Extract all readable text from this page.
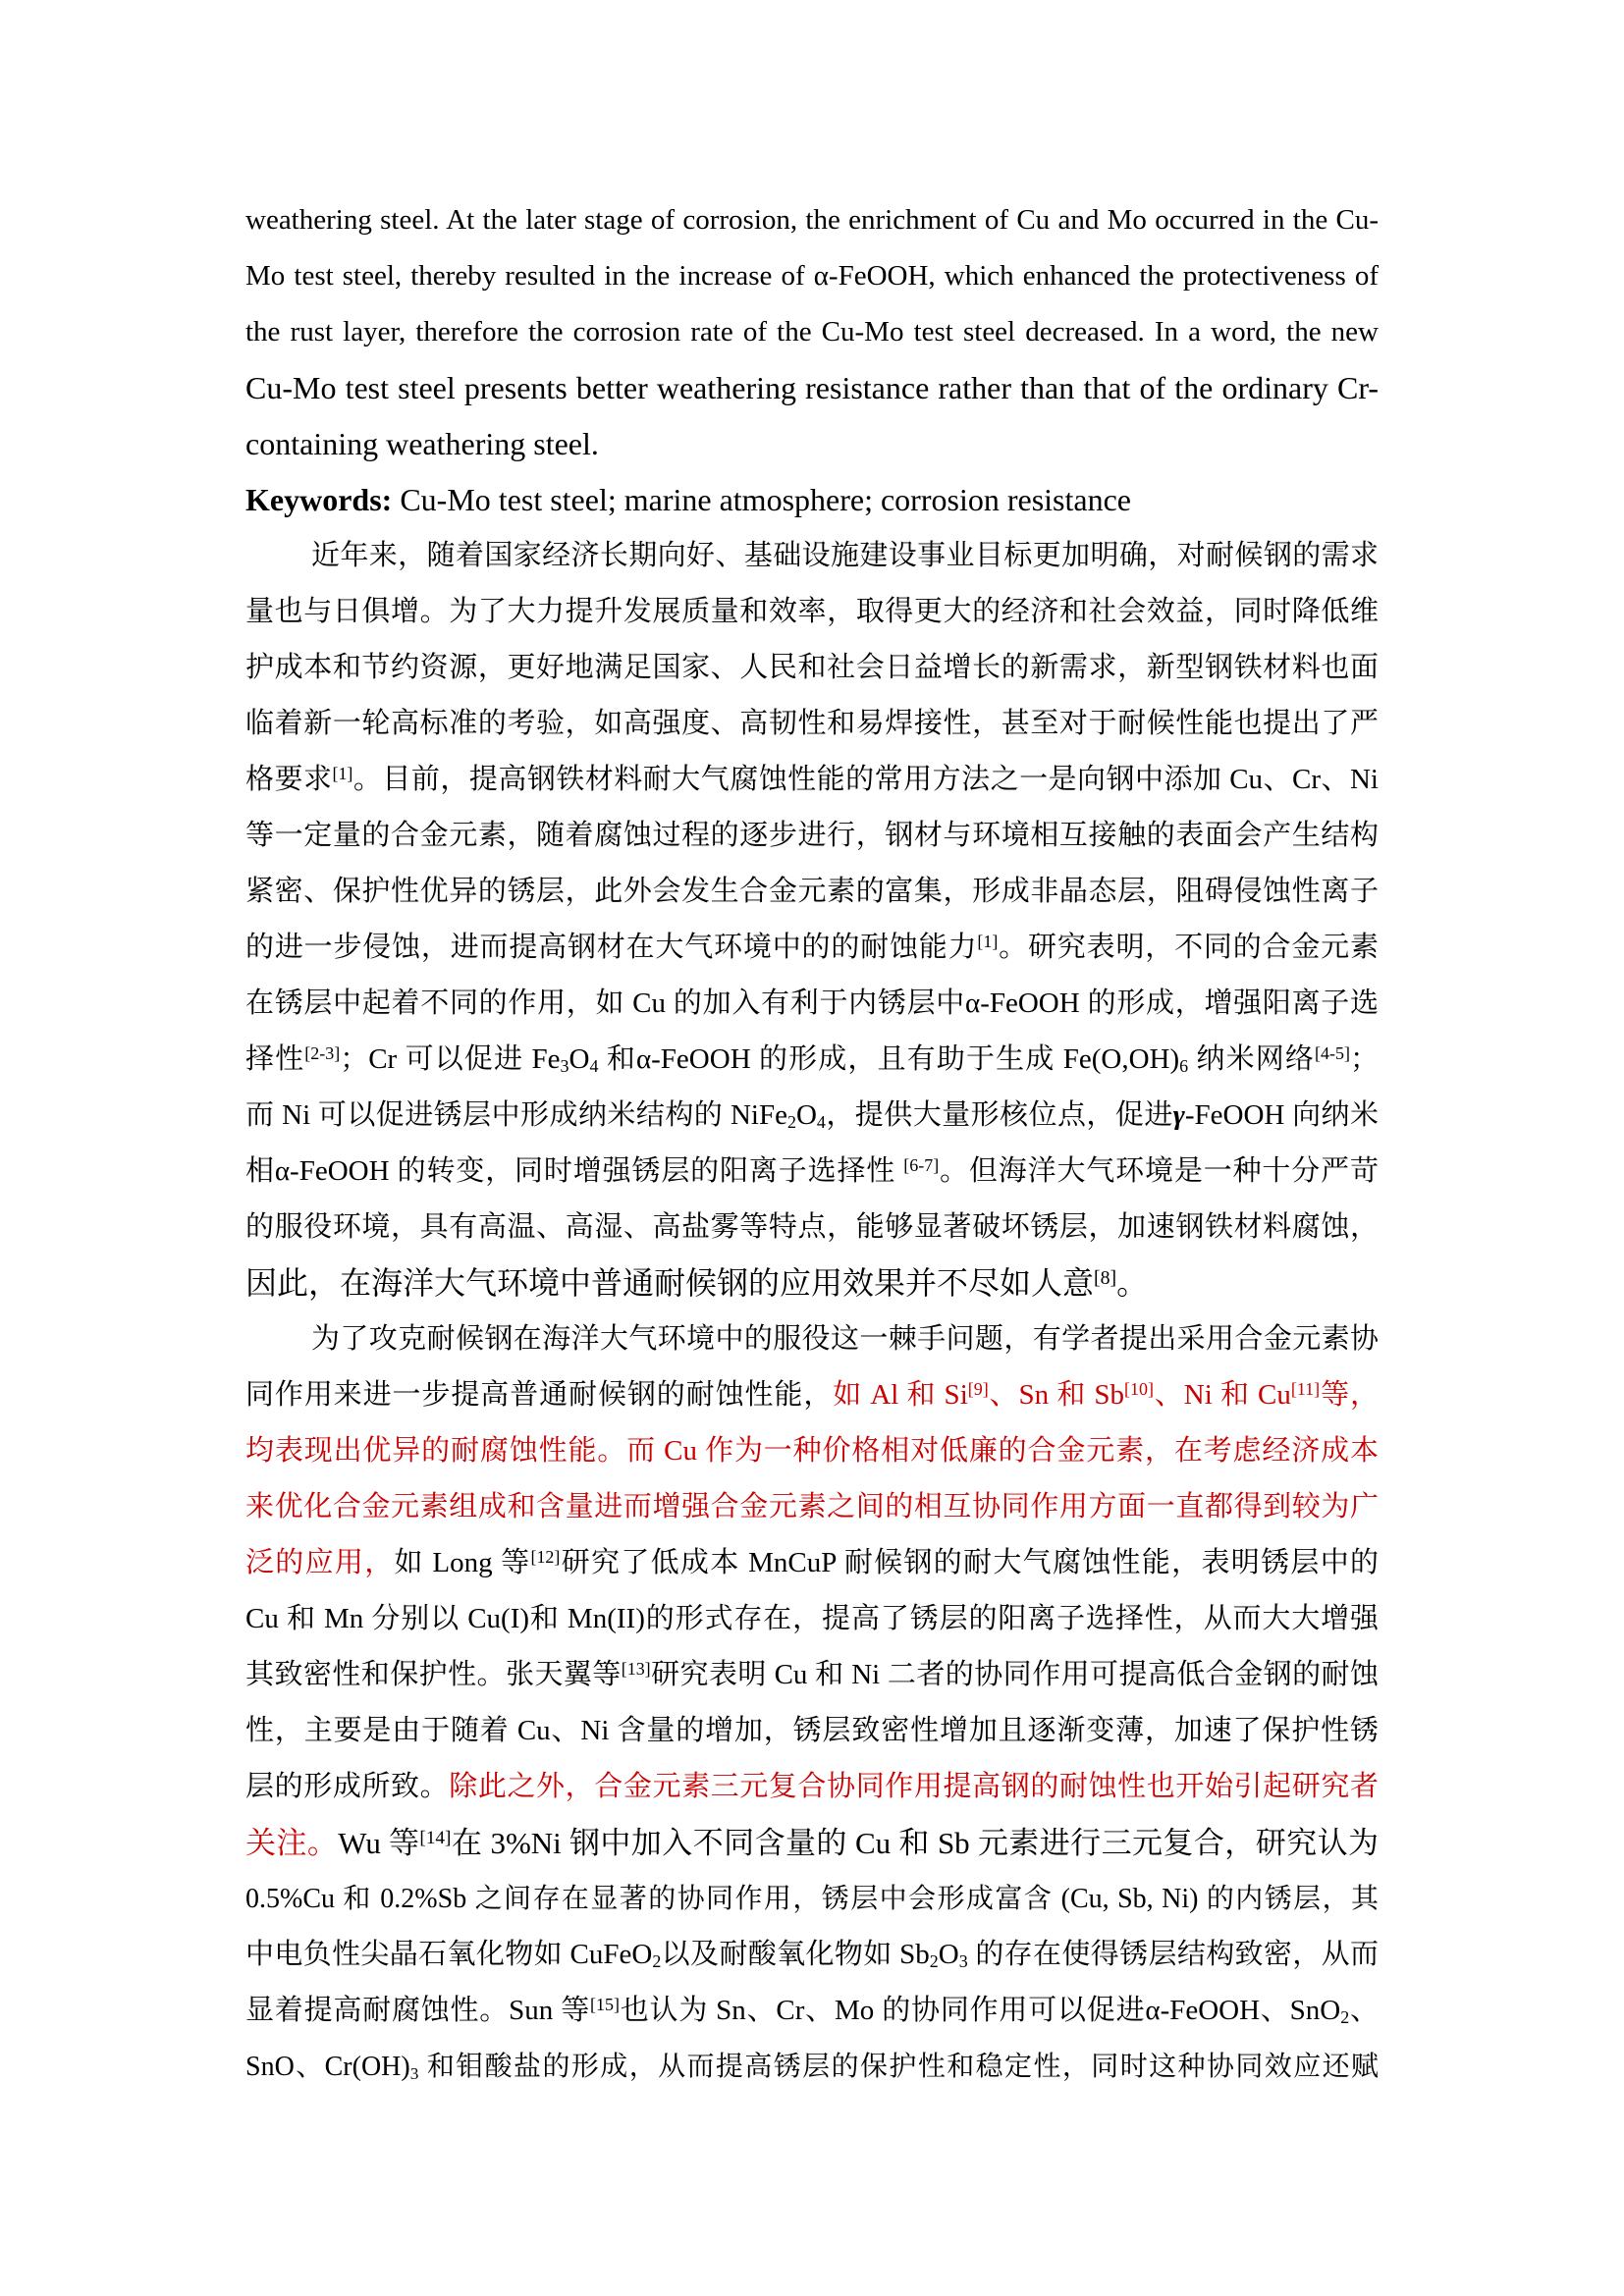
weathering steel. At the later stage of corrosion, the enrichment of Cu and Mo occurred in the Cu-
Mo test steel, thereby resulted in the increase of α-FeOOH, which enhanced the protectiveness of
the rust layer, therefore the corrosion rate of the Cu-Mo test steel decreased. In a word, the new
Cu-Mo test steel presents better weathering resistance rather than that of the ordinary Cr-
containing weathering steel.
Keywords: Cu-Mo test steel; marine atmosphere; corrosion resistance
近年来，随着国家经济长期向好、基础设施建设事业目标更加明确，对耐候钢的需求
量也与日俱增。为了大力提升发展质量和效率，取得更大的经济和社会效益，同时降低维
护成本和节约资源，更好地满足国家、人民和社会日益增长的新需求，新型钢铁材料也面
临着新一轮高标准的考验，如高强度、高韧性和易焊接性，甚至对于耐候性能也提出了严
格要求[1]。目前，提高钢铁材料耐大气腐蚀性能的常用方法之一是向钢中添加 Cu、Cr、Ni
等一定量的合金元素，随着腐蚀过程的逐步进行，钢材与环境相互接触的表面会产生结构
紧密、保护性优异的锈层，此外会发生合金元素的富集，形成非晶态层，阻碍侵蚀性离子
的进一步侵蚀，进而提高钢材在大气环境中的的耐蚀能力[1]。研究表明，不同的合金元素
在锈层中起着不同的作用，如 Cu 的加入有利于内锈层中α-FeOOH 的形成，增强阳离子选
择性[2-3]；Cr 可以促进 Fe3O4 和α-FeOOH 的形成，且有助于生成 Fe(O,OH)6 纳米网络[4-5]；
而 Ni 可以促进锈层中形成纳米结构的 NiFe2O4，提供大量形核位点，促进γ-FeOOH 向纳米
相α-FeOOH 的转变，同时增强锈层的阳离子选择性 [6-7]。但海洋大气环境是一种十分严苛
的服役环境，具有高温、高湿、高盐雾等特点，能够显著破坏锈层，加速钢铁材料腐蚀，
因此，在海洋大气环境中普通耐候钢的应用效果并不尽如人意[8]。
为了攻克耐候钢在海洋大气环境中的服役这一棘手问题，有学者提出采用合金元素协
同作用来进一步提高普通耐候钢的耐蚀性能，如 Al 和 Si[9]、Sn 和 Sb[10]、Ni 和 Cu[11]等，
均表现出优异的耐腐蚀性能。而 Cu 作为一种价格相对低廉的合金元素，在考虑经济成本
来优化合金元素组成和含量进而增强合金元素之间的相互协同作用方面一直都得到较为广
泛的应用，如 Long 等[12]研究了低成本 MnCuP 耐候钢的耐大气腐蚀性能，表明锈层中的
Cu 和 Mn 分别以 Cu(I)和 Mn(II)的形式存在，提高了锈层的阳离子选择性，从而大大增强
其致密性和保护性。张天翼等[13]研究表明 Cu 和 Ni 二者的协同作用可提高低合金钢的耐蚀
性，主要是由于随着 Cu、Ni 含量的增加，锈层致密性增加且逐渐变薄，加速了保护性锈
层的形成所致。除此之外，合金元素三元复合协同作用提高钢的耐蚀性也开始引起研究者
关注。Wu 等[14]在 3%Ni 钢中加入不同含量的 Cu 和 Sb 元素进行三元复合，研究认为
0.5%Cu 和 0.2%Sb 之间存在显著的协同作用，锈层中会形成富含 (Cu, Sb, Ni) 的内锈层，其
中电负性尖晶石氧化物如 CuFeO2以及耐酸氧化物如 Sb2O3 的存在使得锈层结构致密，从而
显着提高耐腐蚀性。Sun 等[15]也认为 Sn、Cr、Mo 的协同作用可以促进α-FeOOH、SnO2、
SnO、Cr(OH)3 和钼酸盐的形成，从而提高锈层的保护性和稳定性，同时这种协同效应还赋
